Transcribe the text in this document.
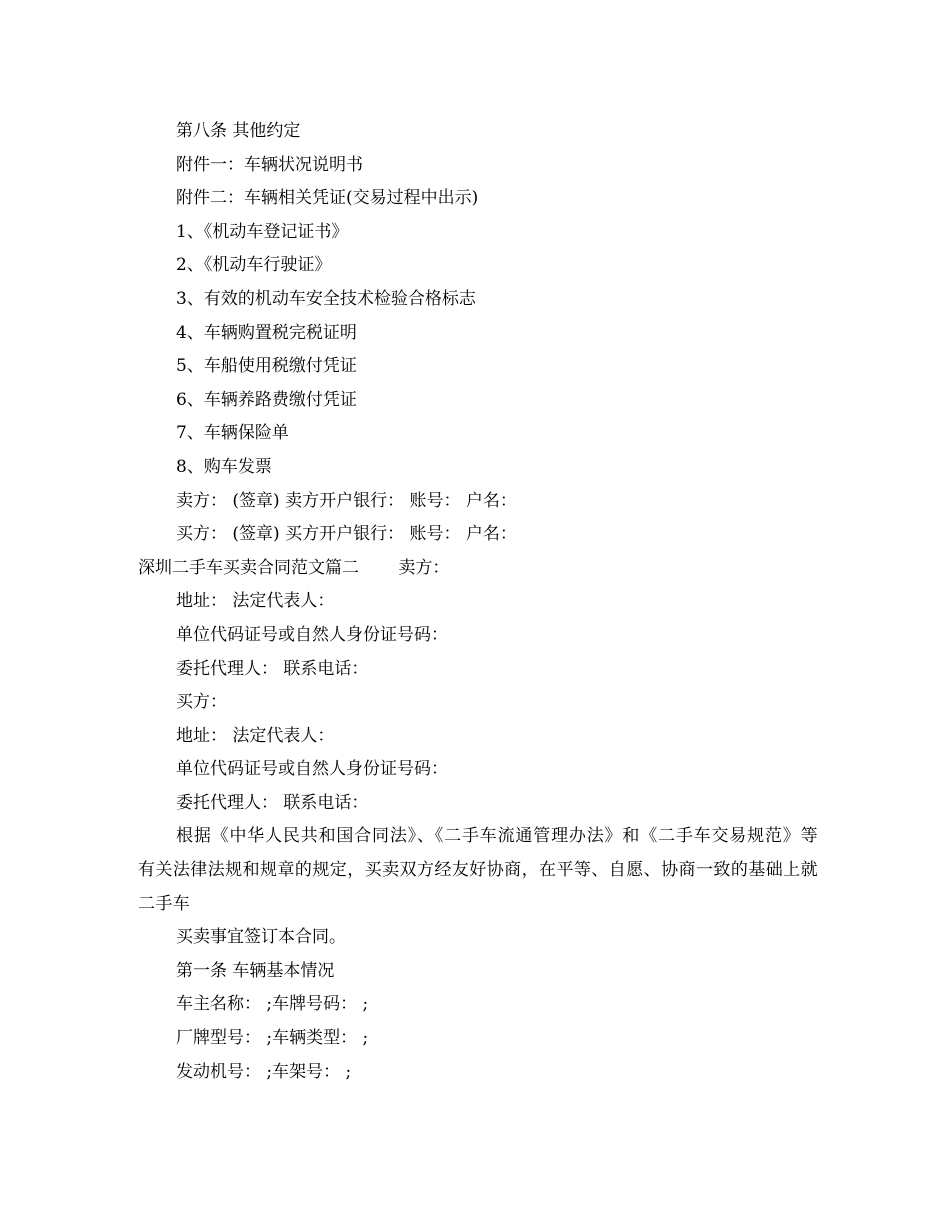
第八条 其他约定
附件一：车辆状况说明书
附件二：车辆相关凭证(交易过程中出示)
1、《机动车登记证书》
2、《机动车行驶证》
3、有效的机动车安全技术检验合格标志
4、车辆购置税完税证明
5、车船使用税缴付凭证
6、车辆养路费缴付凭证
7、车辆保险单
8、购车发票
卖方： (签章) 卖方开户银行： 账号： 户名：
买方： (签章) 买方开户银行： 账号： 户名：
深圳二手车买卖合同范文篇二 　　卖方：
地址： 法定代表人：
单位代码证号或自然人身份证号码：
委托代理人： 联系电话：
买方：
地址： 法定代表人：
单位代码证号或自然人身份证号码：
委托代理人： 联系电话：

根据《中华人民共和国合同法》、《二手车流通管理办法》和《二手车交易规范》等有关法律法规和规章的规定，买卖双方经友好协商，在平等、自愿、协商一致的基础上就二手车

买卖事宜签订本合同。
第一条 车辆基本情况
车主名称： ;车牌号码： ;
厂牌型号： ;车辆类型： ;
发动机号： ;车架号： ;
